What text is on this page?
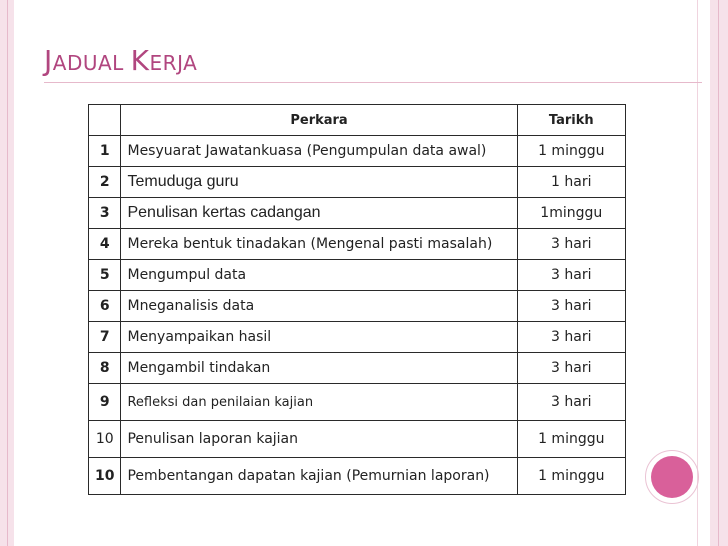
JADUAL KERJA
	Perkara	Tarikh
1	Mesyuarat Jawatankuasa (Pengumpulan data awal)	1 minggu
2	Temuduga guru	1 hari
3	Penulisan kertas cadangan	1minggu
4	Mereka bentuk tinadakan (Mengenal pasti masalah)	3 hari
5	Mengumpul data	3 hari
6	Mneganalisis data	3 hari
7	Menyampaikan hasil	3 hari
8	Mengambil tindakan	3 hari
9	Refleksi dan penilaian kajian	3 hari
10	Penulisan laporan kajian	1 minggu
10	Pembentangan dapatan kajian (Pemurnian laporan)	1 minggu
